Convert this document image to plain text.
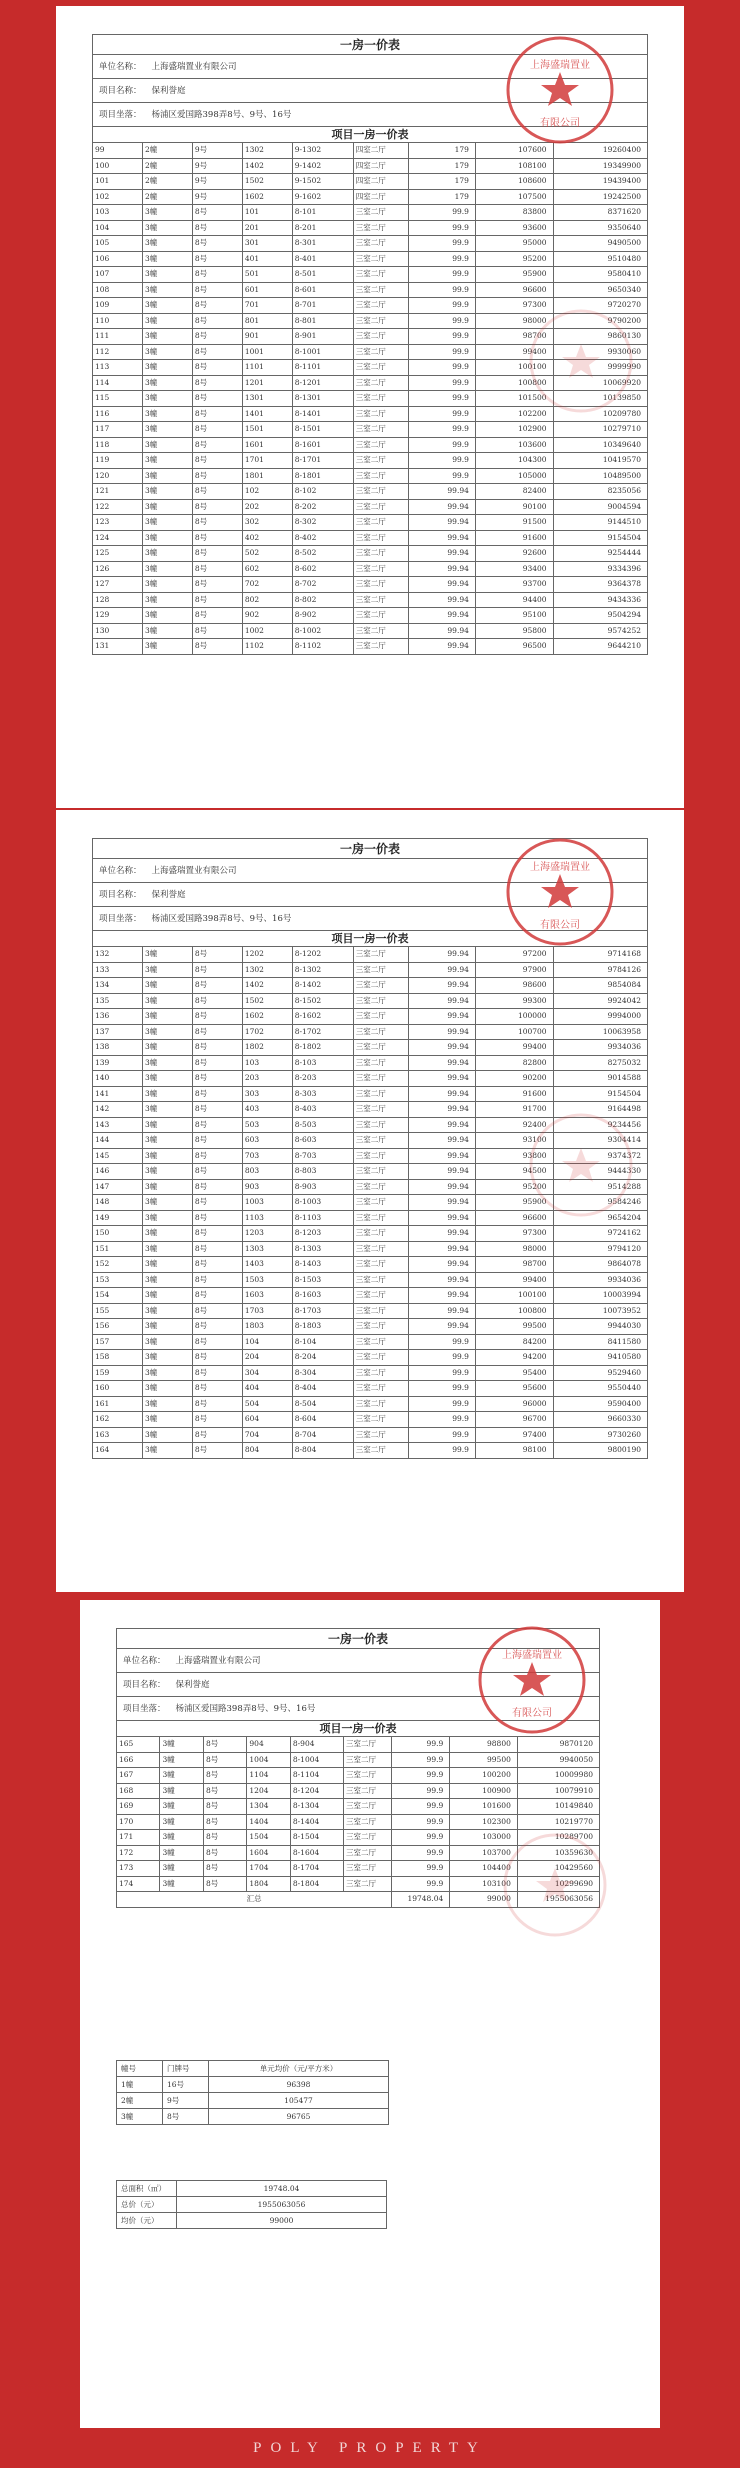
一房一价表
单位名称： 上海盛瑞置业有限公司
项目名称： 保利誉庭
项目坐落： 杨浦区爱国路398弄8号、9号、16号
项目一房一价表
99	2幢	9号	1302	9-1302	四室二厅	179	107600	19260400
100	2幢	9号	1402	9-1402	四室二厅	179	108100	19349900
101	2幢	9号	1502	9-1502	四室二厅	179	108600	19439400
102	2幢	9号	1602	9-1602	四室二厅	179	107500	19242500
103	3幢	8号	101	8-101	三室二厅	99.9	83800	8371620
104	3幢	8号	201	8-201	三室二厅	99.9	93600	9350640
105	3幢	8号	301	8-301	三室二厅	99.9	95000	9490500
106	3幢	8号	401	8-401	三室二厅	99.9	95200	9510480
107	3幢	8号	501	8-501	三室二厅	99.9	95900	9580410
108	3幢	8号	601	8-601	三室二厅	99.9	96600	9650340
109	3幢	8号	701	8-701	三室二厅	99.9	97300	9720270
110	3幢	8号	801	8-801	三室二厅	99.9	98000	9790200
111	3幢	8号	901	8-901	三室二厅	99.9	98700	9860130
112	3幢	8号	1001	8-1001	三室二厅	99.9	99400	9930060
113	3幢	8号	1101	8-1101	三室二厅	99.9	100100	9999990
114	3幢	8号	1201	8-1201	三室二厅	99.9	100800	10069920
115	3幢	8号	1301	8-1301	三室二厅	99.9	101500	10139850
116	3幢	8号	1401	8-1401	三室二厅	99.9	102200	10209780
117	3幢	8号	1501	8-1501	三室二厅	99.9	102900	10279710
118	3幢	8号	1601	8-1601	三室二厅	99.9	103600	10349640
119	3幢	8号	1701	8-1701	三室二厅	99.9	104300	10419570
120	3幢	8号	1801	8-1801	三室二厅	99.9	105000	10489500
121	3幢	8号	102	8-102	三室二厅	99.94	82400	8235056
122	3幢	8号	202	8-202	三室二厅	99.94	90100	9004594
123	3幢	8号	302	8-302	三室二厅	99.94	91500	9144510
124	3幢	8号	402	8-402	三室二厅	99.94	91600	9154504
125	3幢	8号	502	8-502	三室二厅	99.94	92600	9254444
126	3幢	8号	602	8-602	三室二厅	99.94	93400	9334396
127	3幢	8号	702	8-702	三室二厅	99.94	93700	9364378
128	3幢	8号	802	8-802	三室二厅	99.94	94400	9434336
129	3幢	8号	902	8-902	三室二厅	99.94	95100	9504294
130	3幢	8号	1002	8-1002	三室二厅	99.94	95800	9574252
131	3幢	8号	1102	8-1102	三室二厅	99.94	96500	9644210
上海盛瑞置业
有限公司
一房一价表
单位名称： 上海盛瑞置业有限公司
项目名称： 保利誉庭
项目坐落： 杨浦区爱国路398弄8号、9号、16号
项目一房一价表
132	3幢	8号	1202	8-1202	三室二厅	99.94	97200	9714168
133	3幢	8号	1302	8-1302	三室二厅	99.94	97900	9784126
134	3幢	8号	1402	8-1402	三室二厅	99.94	98600	9854084
135	3幢	8号	1502	8-1502	三室二厅	99.94	99300	9924042
136	3幢	8号	1602	8-1602	三室二厅	99.94	100000	9994000
137	3幢	8号	1702	8-1702	三室二厅	99.94	100700	10063958
138	3幢	8号	1802	8-1802	三室二厅	99.94	99400	9934036
139	3幢	8号	103	8-103	三室二厅	99.94	82800	8275032
140	3幢	8号	203	8-203	三室二厅	99.94	90200	9014588
141	3幢	8号	303	8-303	三室二厅	99.94	91600	9154504
142	3幢	8号	403	8-403	三室二厅	99.94	91700	9164498
143	3幢	8号	503	8-503	三室二厅	99.94	92400	9234456
144	3幢	8号	603	8-603	三室二厅	99.94	93100	9304414
145	3幢	8号	703	8-703	三室二厅	99.94	93800	9374372
146	3幢	8号	803	8-803	三室二厅	99.94	94500	9444330
147	3幢	8号	903	8-903	三室二厅	99.94	95200	9514288
148	3幢	8号	1003	8-1003	三室二厅	99.94	95900	9584246
149	3幢	8号	1103	8-1103	三室二厅	99.94	96600	9654204
150	3幢	8号	1203	8-1203	三室二厅	99.94	97300	9724162
151	3幢	8号	1303	8-1303	三室二厅	99.94	98000	9794120
152	3幢	8号	1403	8-1403	三室二厅	99.94	98700	9864078
153	3幢	8号	1503	8-1503	三室二厅	99.94	99400	9934036
154	3幢	8号	1603	8-1603	三室二厅	99.94	100100	10003994
155	3幢	8号	1703	8-1703	三室二厅	99.94	100800	10073952
156	3幢	8号	1803	8-1803	三室二厅	99.94	99500	9944030
157	3幢	8号	104	8-104	三室二厅	99.9	84200	8411580
158	3幢	8号	204	8-204	三室二厅	99.9	94200	9410580
159	3幢	8号	304	8-304	三室二厅	99.9	95400	9529460
160	3幢	8号	404	8-404	三室二厅	99.9	95600	9550440
161	3幢	8号	504	8-504	三室二厅	99.9	96000	9590400
162	3幢	8号	604	8-604	三室二厅	99.9	96700	9660330
163	3幢	8号	704	8-704	三室二厅	99.9	97400	9730260
164	3幢	8号	804	8-804	三室二厅	99.9	98100	9800190
上海盛瑞置业
有限公司
一房一价表
单位名称： 上海盛瑞置业有限公司
项目名称： 保利誉庭
项目坐落： 杨浦区爱国路398弄8号、9号、16号
项目一房一价表
165	3幢	8号	904	8-904	三室二厅	99.9	98800	9870120
166	3幢	8号	1004	8-1004	三室二厅	99.9	99500	9940050
167	3幢	8号	1104	8-1104	三室二厅	99.9	100200	10009980
168	3幢	8号	1204	8-1204	三室二厅	99.9	100900	10079910
169	3幢	8号	1304	8-1304	三室二厅	99.9	101600	10149840
170	3幢	8号	1404	8-1404	三室二厅	99.9	102300	10219770
171	3幢	8号	1504	8-1504	三室二厅	99.9	103000	10289700
172	3幢	8号	1604	8-1604	三室二厅	99.9	103700	10359630
173	3幢	8号	1704	8-1704	三室二厅	99.9	104400	10429560
174	3幢	8号	1804	8-1804	三室二厅	99.9	103100	10299690
汇总						19748.04	99000	1955063056
幢号	门牌号	单元均价（元/平方米）
1幢	16号	96398
2幢	9号	105477
3幢	8号	96765
总面积（㎡）	19748.04
总价（元）	1955063056
均价（元）	99000
上海盛瑞置业
有限公司
POLY PROPERTY
